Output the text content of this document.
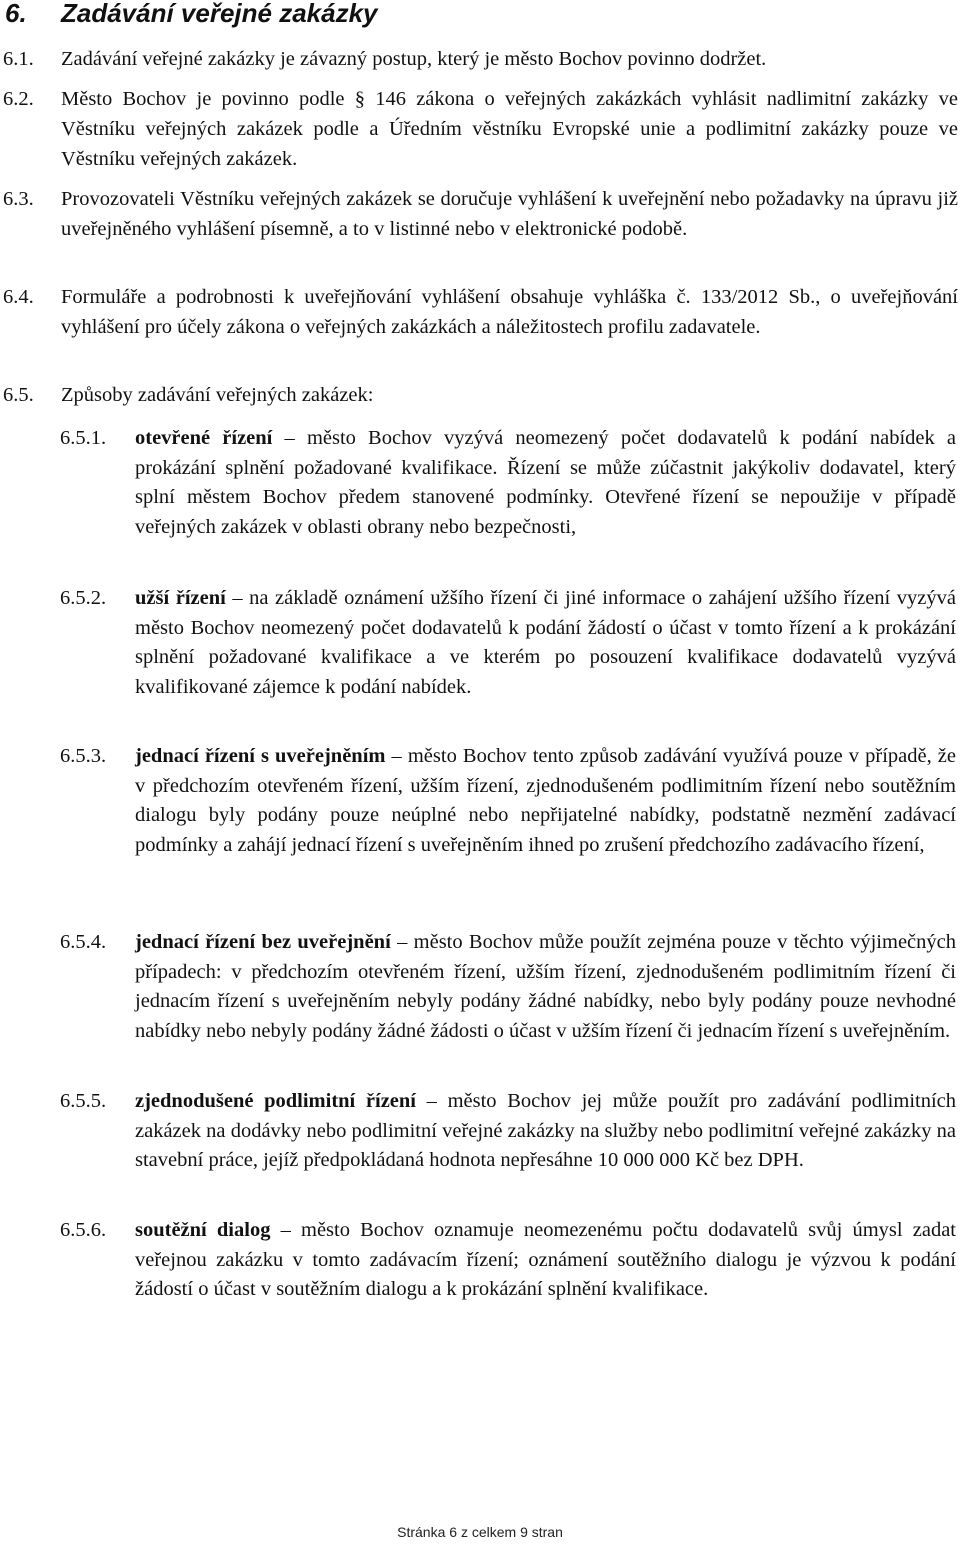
6. Zadávání veřejné zakázky

6.1.	Zadávání veřejné zakázky je závazný postup, který je město Bochov povinno dodržet.

6.2.	Město Bochov je povinno podle § 146 zákona o veřejných zakázkách vyhlásit nadlimitní zakázky ve Věstníku veřejných zakázek podle a Úředním věstníku Evropské unie a podlimitní zakázky pouze ve Věstníku veřejných zakázek.

6.3.	Provozovateli Věstníku veřejných zakázek se doručuje vyhlášení k uveřejnění nebo požadavky na úpravu již uveřejněného vyhlášení písemně, a to v listinné nebo v elektronické podobě.

6.4.	Formuláře a podrobnosti k uveřejňování vyhlášení obsahuje vyhláška č. 133/2012 Sb., o uveřejňování vyhlášení pro účely zákona o veřejných zakázkách a náležitostech profilu zadavatele.

6.5.	Způsoby zadávání veřejných zakázek:

6.5.1.	otevřené řízení – město Bochov vyzývá neomezený počet dodavatelů k podání nabídek a prokázání splnění požadované kvalifikace. Řízení se může zúčastnit jakýkoliv dodavatel, který splní městem Bochov předem stanovené podmínky. Otevřené řízení se nepoužije v případě veřejných zakázek v oblasti obrany nebo bezpečnosti,

6.5.2.	užší řízení – na základě oznámení užšího řízení či jiné informace o zahájení užšího řízení vyzývá město Bochov neomezený počet dodavatelů k podání žádostí o účast v tomto řízení a k prokázání splnění požadované kvalifikace a ve kterém po posouzení kvalifikace dodavatelů vyzývá kvalifikované zájemce k podání nabídek.

6.5.3.	jednací řízení s uveřejněním – město Bochov tento způsob zadávání využívá pouze v případě, že v předchozím otevřeném řízení, užším řízení, zjednodušeném podlimitním řízení nebo soutěžním dialogu byly podány pouze neúplné nebo nepřijatelné nabídky, podstatně nezmění zadávací podmínky a zahájí jednací řízení s uveřejněním ihned po zrušení předchozího zadávacího řízení,

6.5.4.	jednací řízení bez uveřejnění – město Bochov může použít zejména pouze v těchto výjimečných případech: v předchozím otevřeném řízení, užším řízení, zjednodušeném podlimitním řízení či jednacím řízení s uveřejněním nebyly podány žádné nabídky, nebo byly podány pouze nevhodné nabídky nebo nebyly podány žádné žádosti o účast v užším řízení či jednacím řízení s uveřejněním.

6.5.5.	zjednodušené podlimitní řízení – město Bochov jej může použít pro zadávání podlimitních zakázek na dodávky nebo podlimitní veřejné zakázky na služby nebo podlimitní veřejné zakázky na stavební práce, jejíž předpokládaná hodnota nepřesáhne 10 000 000 Kč bez DPH.

6.5.6.	soutěžní dialog – město Bochov oznamuje neomezenému počtu dodavatelů svůj úmysl zadat veřejnou zakázku v tomto zadávacím řízení; oznámení soutěžního dialogu je výzvou k podání žádostí o účast v soutěžním dialogu a k prokázání splnění kvalifikace.

Stránka 6 z celkem 9 stran
